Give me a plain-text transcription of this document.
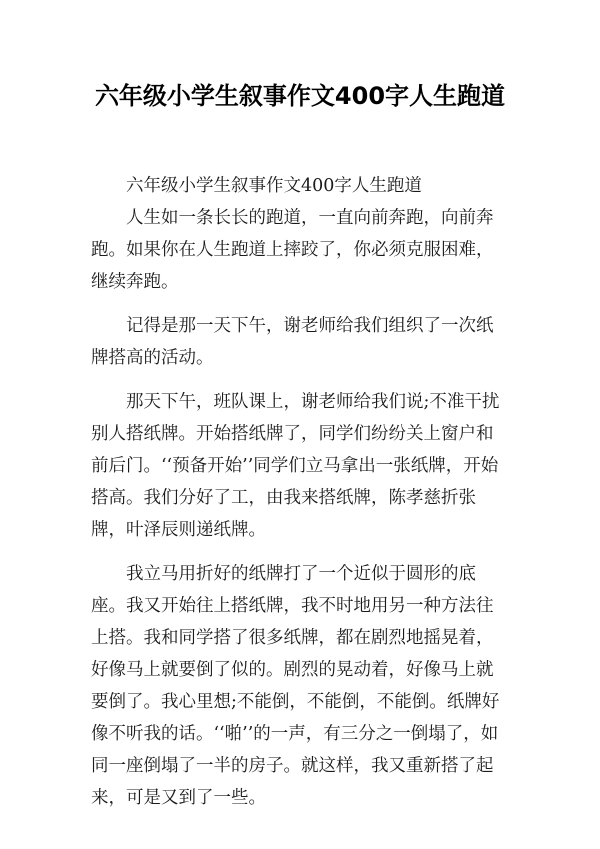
六年级小学生叙事作文400字人生跑道

六年级小学生叙事作文400字人生跑道

人生如一条长长的跑道，一直向前奔跑，向前奔跑。如果你在人生跑道上摔跤了，你必须克服困难，继续奔跑。

记得是那一天下午，谢老师给我们组织了一次纸牌搭高的活动。

那天下午，班队课上，谢老师给我们说;不准干扰别人搭纸牌。开始搭纸牌了，同学们纷纷关上窗户和前后门。‘‘预备开始’’同学们立马拿出一张纸牌，开始搭高。我们分好了工，由我来搭纸牌，陈孝慈折张牌，叶泽辰则递纸牌。

我立马用折好的纸牌打了一个近似于圆形的底座。我又开始往上搭纸牌，我不时地用另一种方法往上搭。我和同学搭了很多纸牌，都在剧烈地摇晃着，好像马上就要倒了似的。剧烈的晃动着，好像马上就要倒了。我心里想;不能倒，不能倒，不能倒。纸牌好像不听我的话。‘‘啪’’的一声，有三分之一倒塌了，如同一座倒塌了一半的房子。就这样，我又重新搭了起来，可是又到了一些。
